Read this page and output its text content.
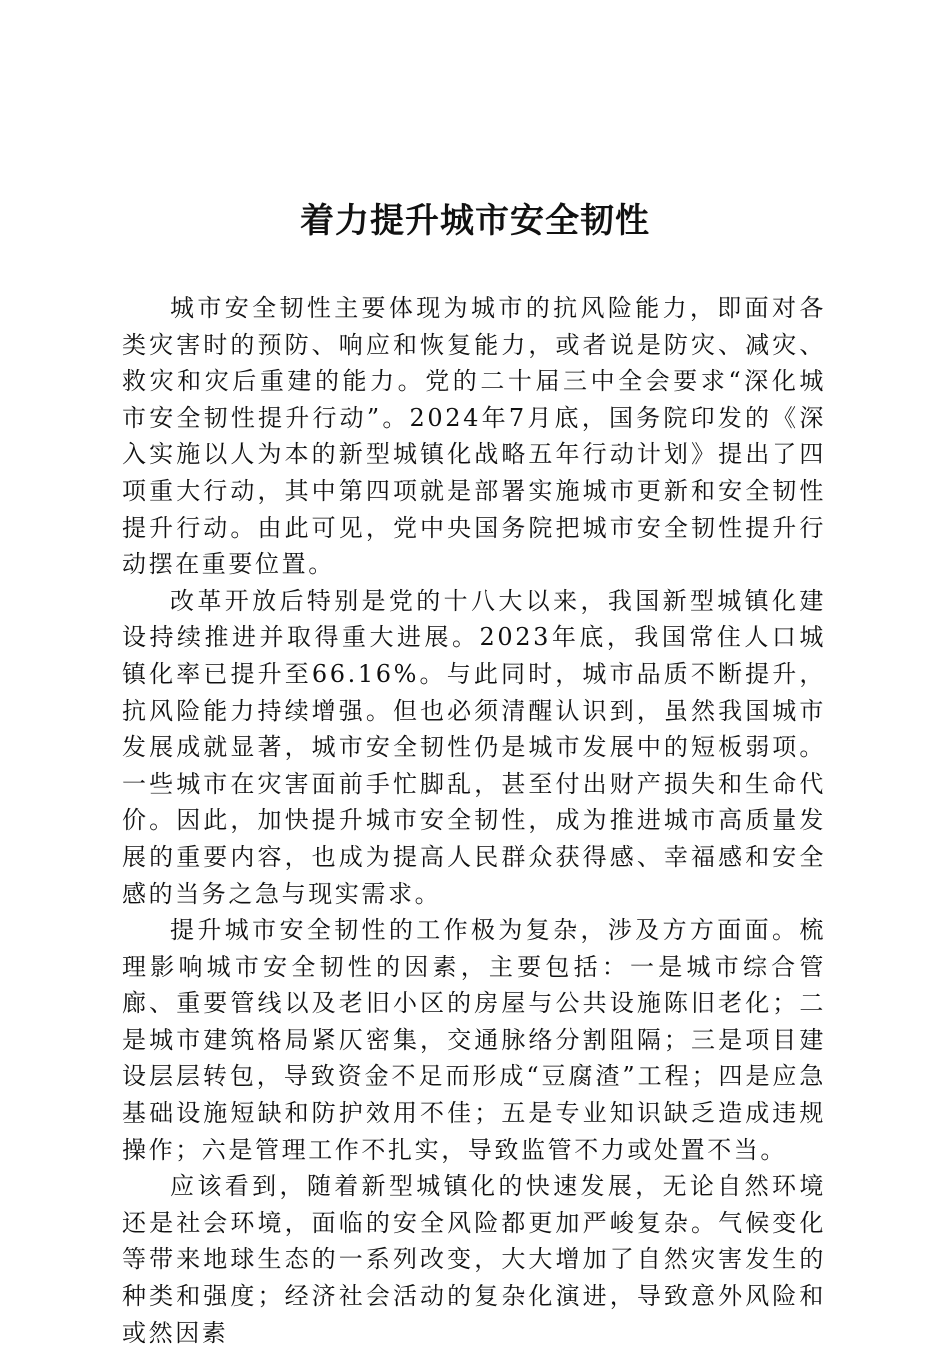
着力提升城市安全韧性

城市安全韧性主要体现为城市的抗风险能力，即面对各类灾害时的预防、响应和恢复能力，或者说是防灾、减灾、救灾和灾后重建的能力。党的二十届三中全会要求“深化城市安全韧性提升行动”。2024年7月底，国务院印发的《深入实施以人为本的新型城镇化战略五年行动计划》提出了四项重大行动，其中第四项就是部署实施城市更新和安全韧性提升行动。由此可见，党中央国务院把城市安全韧性提升行动摆在重要位置。

改革开放后特别是党的十八大以来，我国新型城镇化建设持续推进并取得重大进展。2023年底，我国常住人口城镇化率已提升至66.16%。与此同时，城市品质不断提升，抗风险能力持续增强。但也必须清醒认识到，虽然我国城市发展成就显著，城市安全韧性仍是城市发展中的短板弱项。一些城市在灾害面前手忙脚乱，甚至付出财产损失和生命代价。因此，加快提升城市安全韧性，成为推进城市高质量发展的重要内容，也成为提高人民群众获得感、幸福感和安全感的当务之急与现实需求。

提升城市安全韧性的工作极为复杂，涉及方方面面。梳理影响城市安全韧性的因素，主要包括：一是城市综合管廊、重要管线以及老旧小区的房屋与公共设施陈旧老化；二是城市建筑格局紧仄密集，交通脉络分割阻隔；三是项目建设层层转包，导致资金不足而形成“豆腐渣”工程；四是应急基础设施短缺和防护效用不佳；五是专业知识缺乏造成违规操作；六是管理工作不扎实，导致监管不力或处置不当。

应该看到，随着新型城镇化的快速发展，无论自然环境还是社会环境，面临的安全风险都更加严峻复杂。气候变化等带来地球生态的一系列改变，大大增加了自然灾害发生的种类和强度；经济社会活动的复杂化演进，导致意外风险和或然因素
